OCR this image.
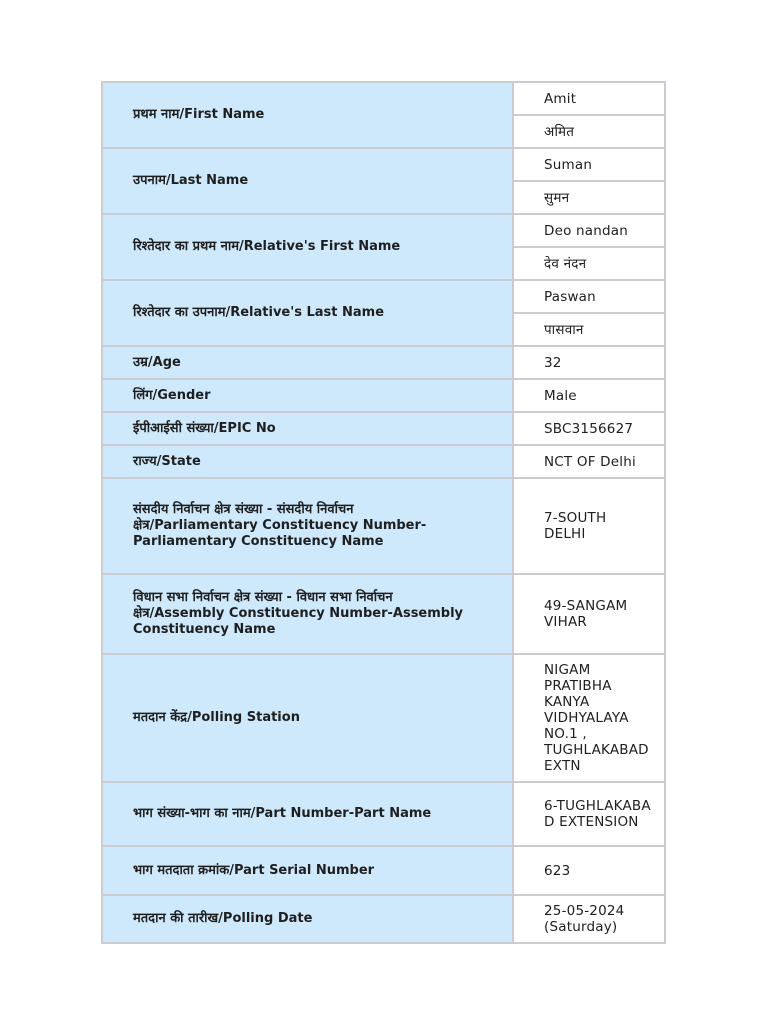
प्रथम नाम/First Name	Amit

	अमित

उपनाम/Last Name	Suman

	सुमन

रिश्तेदार का प्रथम नाम/Relative's First Name	Deo nandan

	देव नंदन

रिश्तेदार का उपनाम/Relative's Last Name	Paswan

	पासवान

उम्र/Age	32

लिंग/Gender	Male

ईपीआईसी संख्या/EPIC No	SBC3156627

राज्य/State	NCT OF Delhi

संसदीय निर्वाचन क्षेत्र संख्या - संसदीय निर्वाचन क्षेत्र/Parliamentary Constituency Number-Parliamentary Constituency Name	7-SOUTH DELHI

विधान सभा निर्वाचन क्षेत्र संख्या - विधान सभा निर्वाचन क्षेत्र/Assembly Constituency Number-Assembly Constituency Name	49-SANGAM VIHAR

मतदान केंद्र/Polling Station	NIGAM PRATIBHA KANYA VIDHYALAYA NO.1 , TUGHLAKABAD EXTN

भाग संख्या-भाग का नाम/Part Number-Part Name	6-TUGHLAKABAD EXTENSION

भाग मतदाता क्रमांक/Part Serial Number	623

मतदान की तारीख/Polling Date	25-05-2024 (Saturday)
